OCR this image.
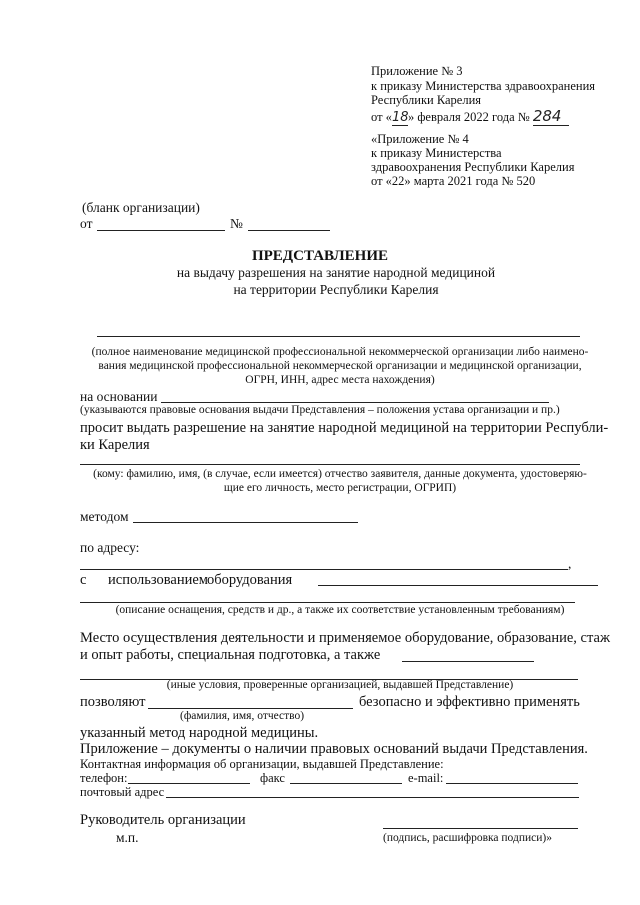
Приложение № 3
к приказу Министерства здравоохранения
Республики Карелия
от «18» февраля 2022 года № 284
«Приложение № 4
к приказу Министерства
здравоохранения Республики Карелия
от «22» марта 2021 года № 520
(бланк организации)
от	№
ПРЕДСТАВЛЕНИЕ
на выдачу разрешения на занятие народной медициной
на территории Республики Карелия
(полное наименование медицинской профессиональной некоммерческой организации либо наимено-
вания медицинской профессиональной некоммерческой организации и медицинской организации,
ОГРН, ИНН, адрес места нахождения)
на основании
(указываются правовые основания выдачи Представления – положения устава организации и пр.)
просит выдать разрешение на занятие народной медициной на территории Республи-
ки Карелия
(кому: фамилию, имя, (в случае, если имеется) отчество заявителя, данные документа, удостоверяю-
щие его личность, место регистрации, ОГРИП)
методом
по адресу:
,
с использованием оборудования
(описание оснащения, средств и др., а также их соответствие установленным требованиям)
Место осуществления деятельности и применяемое оборудование, образование, стаж
и опыт работы, специальная подготовка, а также
(иные условия, проверенные организацией, выдавшей Представление)
позволяют	безопасно и эффективно применять
(фамилия, имя, отчество)
указанный метод народной медицины.
Приложение – документы о наличии правовых оснований выдачи Представления.
Контактная информация об организации, выдавшей Представление:
телефон:	факс	e-mail:
почтовый адрес
Руководитель организации
м.п.	(подпись, расшифровка подписи)»
